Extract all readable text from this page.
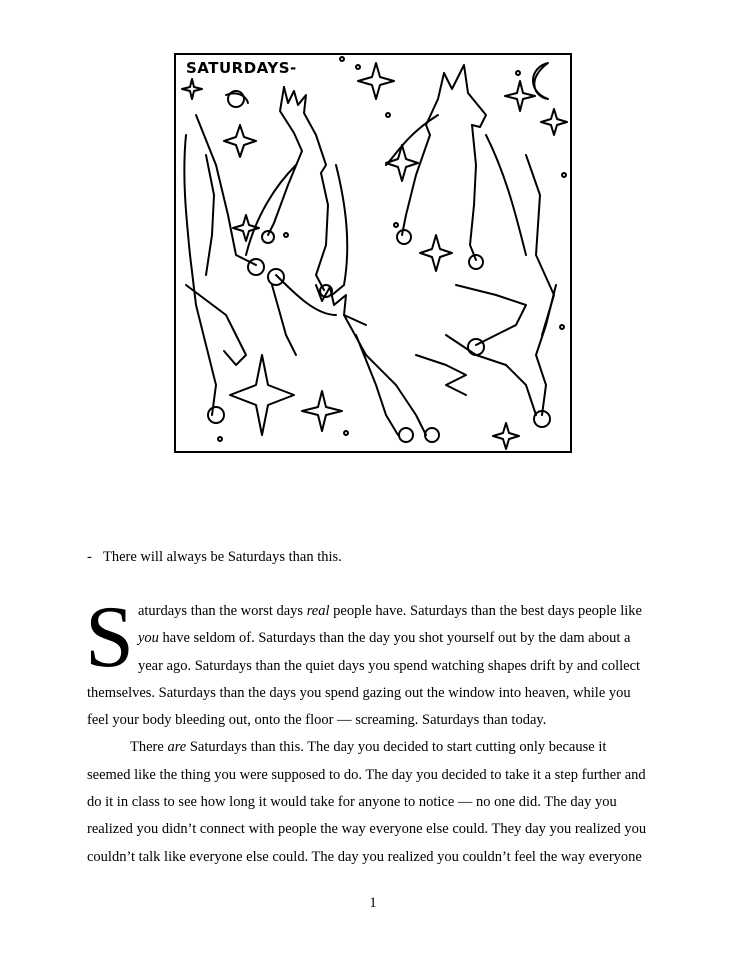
SATURDAYS-

- There will always be Saturdays than this.

S aturdays than the worst days real people have. Saturdays than the best days people like
you have seldom of. Saturdays than the day you shot yourself out by the dam about a
year ago. Saturdays than the quiet days you spend watching shapes drift by and collect
themselves. Saturdays than the days you spend gazing out the window into heaven, while you
feel your body bleeding out, onto the floor — screaming. Saturdays than today.

There are Saturdays than this. The day you decided to start cutting only because it
seemed like the thing you were supposed to do. The day you decided to take it a step further and
do it in class to see how long it would take for anyone to notice — no one did. The day you
realized you didn’t connect with people the way everyone else could. They day you realized you
couldn’t talk like everyone else could. The day you realized you couldn’t feel the way everyone

1
